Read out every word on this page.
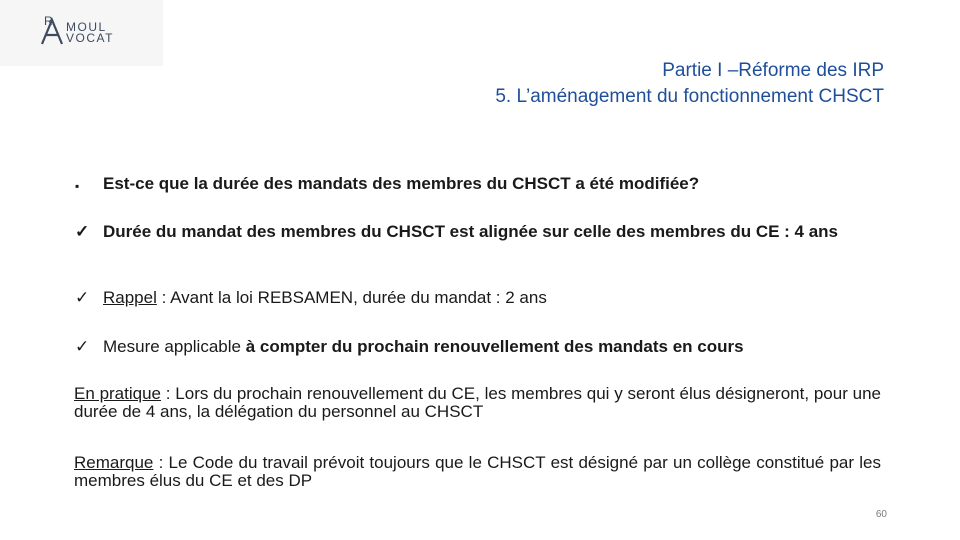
R MOUL
VOCAT
Partie I –Réforme des IRP
5. L’aménagement du fonctionnement CHSCT
▪	Est-ce que la durée des mandats des membres du CHSCT a été modifiée?
✓ Durée du mandat des membres du CHSCT est alignée sur celle des membres du CE : 4 ans
✓ Rappel : Avant la loi REBSAMEN, durée du mandat : 2 ans
✓ Mesure applicable à compter du prochain renouvellement des mandats en cours
En pratique : Lors du prochain renouvellement du CE, les membres qui y seront élus désigneront, pour une durée de 4 ans, la délégation du personnel au CHSCT
Remarque : Le Code du travail prévoit toujours que le CHSCT est désigné par un collège constitué par les membres élus du CE et des DP
60
